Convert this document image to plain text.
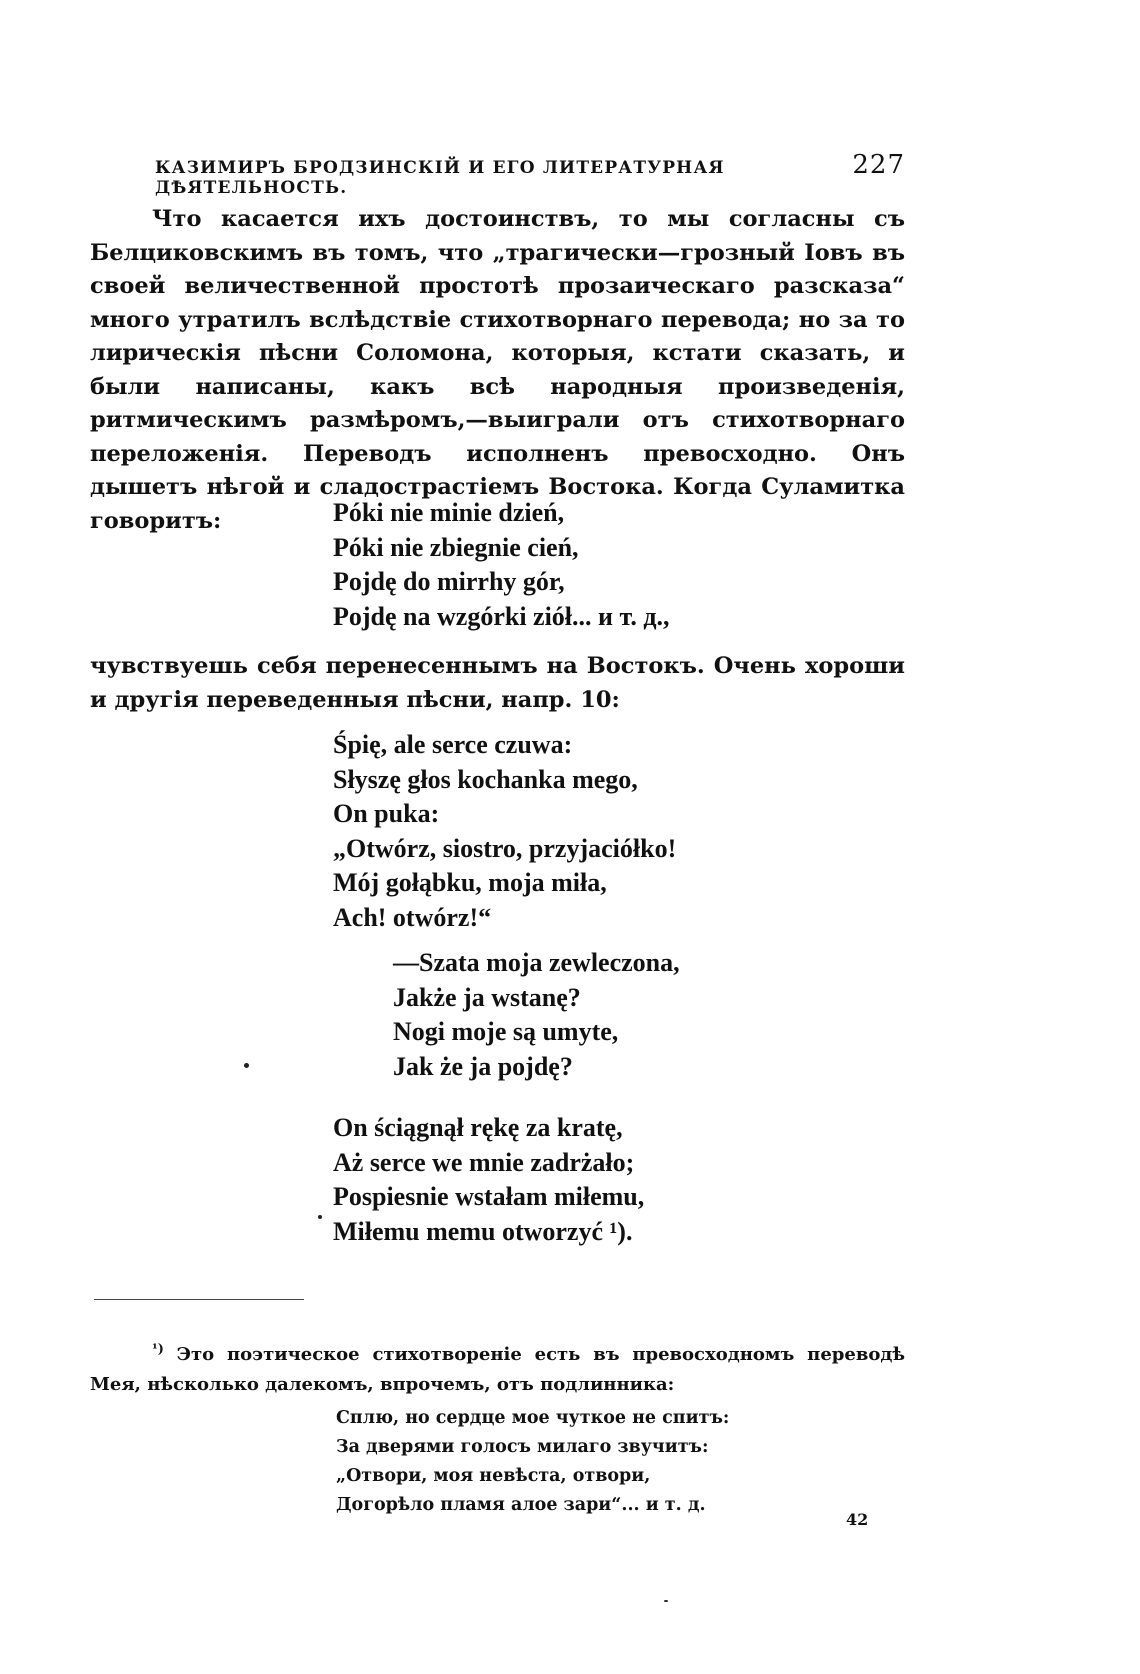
КАЗИМИРЪ БРОДЗИНСКІЙ И ЕГО ЛИТЕРАТУРНАЯ ДѢЯТЕЛЬНОСТЬ.
227

Что касается ихъ достоинствъ, то мы согласны съ Белциковскимъ въ томъ, что „трагически—грозный Іовъ въ своей величественной простотѣ прозаическаго разсказа“ много утратилъ вслѣдствіе стихотворнаго перевода; но за то лирическія пѣсни Соломона, которыя, кстати сказать, и были написаны, какъ всѣ народныя произведенія, ритмическимъ размѣромъ,—выиграли отъ стихотворнаго переложенія. Переводъ исполненъ превосходно. Онъ дышетъ нѣгой и сладострастіемъ Востока. Когда Суламитка говоритъ:	Póki nie minie dzień,
Póki nie zbiegnie cień,
Pojdę do mirrhy gór,
Pojdę na wzgórki ziół... и т. д.,

чувствуешь себя перенесеннымъ на Востокъ. Очень хороши и другія переведенныя пѣсни, напр. 10:

Śpię, ale serce czuwa:
Słyszę głos kochanka mego,
On puka:
„Otwórz, siostro, przyjaciółko!
Mój gołąbku, moja miła,
Ach! otwórz!“
—Szata moja zewleczona,
Jakże ja wstanę?
Nogi moje są umyte,
Jak że ja pojdę?
On ściągnął rękę za kratę,
Aż serce we mnie zadrżało;
Pospiesnie wstałam miłemu,
Miłemu memu otworzyć ¹).

$^{^1)}$ Это поэтическое стихотвореніе есть въ превосходномъ переводѣ Мея, нѣсколько далекомъ, впрочемъ, отъ подлинника:

Сплю, но сердце мое чуткое не спитъ:
За дверями голосъ милаго звучитъ:
„Отвори, моя невѣста, отвори,
Догорѣло пламя алое зари“... и т. д.
42
